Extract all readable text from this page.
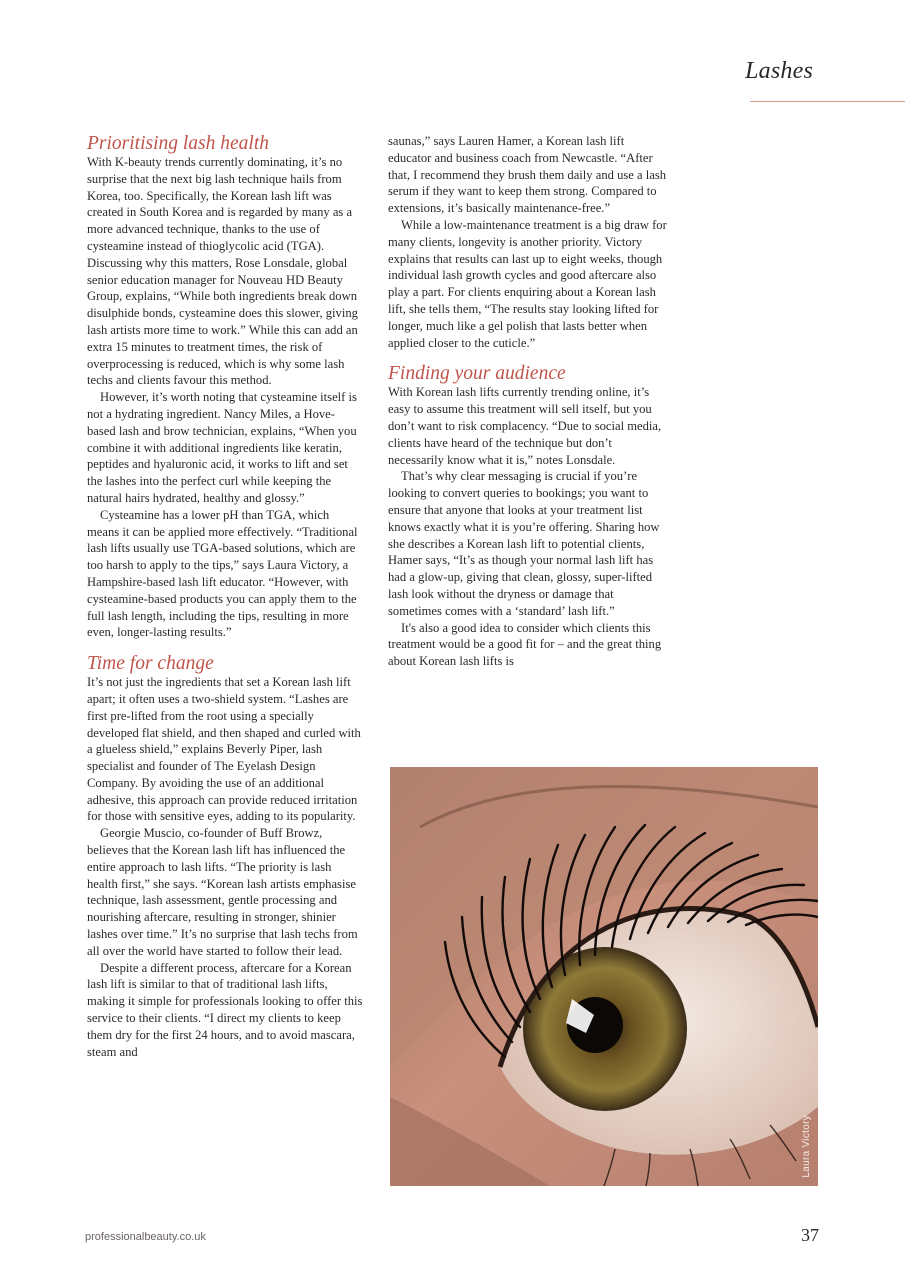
Lashes
Prioritising lash health

With K-beauty trends currently dominating, it’s no surprise that the next big lash technique hails from Korea, too. Specifically, the Korean lash lift was created in South Korea and is regarded by many as a more advanced technique, thanks to the use of cysteamine instead of thioglycolic acid (TGA). Discussing why this matters, Rose Lonsdale, global senior education manager for Nouveau HD Beauty Group, explains, “While both ingredients break down disulphide bonds, cysteamine does this slower, giving lash artists more time to work.” While this can add an extra 15 minutes to treatment times, the risk of overprocessing is reduced, which is why some lash techs and clients favour this method.

However, it’s worth noting that cysteamine itself is not a hydrating ingredient. Nancy Miles, a Hove-based lash and brow technician, explains, “When you combine it with additional ingredients like keratin, peptides and hyaluronic acid, it works to lift and set the lashes into the perfect curl while keeping the natural hairs hydrated, healthy and glossy.”

Cysteamine has a lower pH than TGA, which means it can be applied more effectively. “Traditional lash lifts usually use TGA-based solutions, which are too harsh to apply to the tips,” says Laura Victory, a Hampshire-based lash lift educator. “However, with cysteamine-based products you can apply them to the full lash length, including the tips, resulting in more even, longer-lasting results.”

Time for change

It’s not just the ingredients that set a Korean lash lift apart; it often uses a two-shield system. “Lashes are first pre-lifted from the root using a specially developed flat shield, and then shaped and curled with a glueless shield,” explains Beverly Piper, lash specialist and founder of The Eyelash Design Company. By avoiding the use of an additional adhesive, this approach can provide reduced irritation for those with sensitive eyes, adding to its popularity.

Georgie Muscio, co-founder of Buff Browz, believes that the Korean lash lift has influenced the entire approach to lash lifts. “The priority is lash health first,” she says. “Korean lash artists emphasise technique, lash assessment, gentle processing and nourishing aftercare, resulting in stronger, shinier lashes over time.” It’s no surprise that lash techs from all over the world have started to follow their lead.

Despite a different process, aftercare for a Korean lash lift is similar to that of traditional lash lifts, making it simple for professionals looking to offer this service to their clients. “I direct my clients to keep them dry for the first 24 hours, and to avoid mascara, steam and

saunas,” says Lauren Hamer, a Korean lash lift educator and business coach from Newcastle. “After that, I recommend they brush them daily and use a lash serum if they want to keep them strong. Compared to extensions, it’s basically maintenance-free.”

While a low-maintenance treatment is a big draw for many clients, longevity is another priority. Victory explains that results can last up to eight weeks, though individual lash growth cycles and good aftercare also play a part. For clients enquiring about a Korean lash lift, she tells them, “The results stay looking lifted for longer, much like a gel polish that lasts better when applied closer to the cuticle.”

Finding your audience

With Korean lash lifts currently trending online, it’s easy to assume this treatment will sell itself, but you don’t want to risk complacency. “Due to social media, clients have heard of the technique but don’t necessarily know what it is,” notes Lonsdale.

That’s why clear messaging is crucial if you’re looking to convert queries to bookings; you want to ensure that anyone that looks at your treatment list knows exactly what it is you’re offering. Sharing how she describes a Korean lash lift to potential clients, Hamer says, “It’s as though your normal lash lift has had a glow-up, giving that clean, glossy, super-lifted lash look without the dryness or damage that sometimes comes with a ‘standard’ lash lift.”

It's also a good idea to consider which clients this treatment would be a good fit for – and the great thing about Korean lash lifts is

Laura Victory
professionalbeauty.co.uk	37
